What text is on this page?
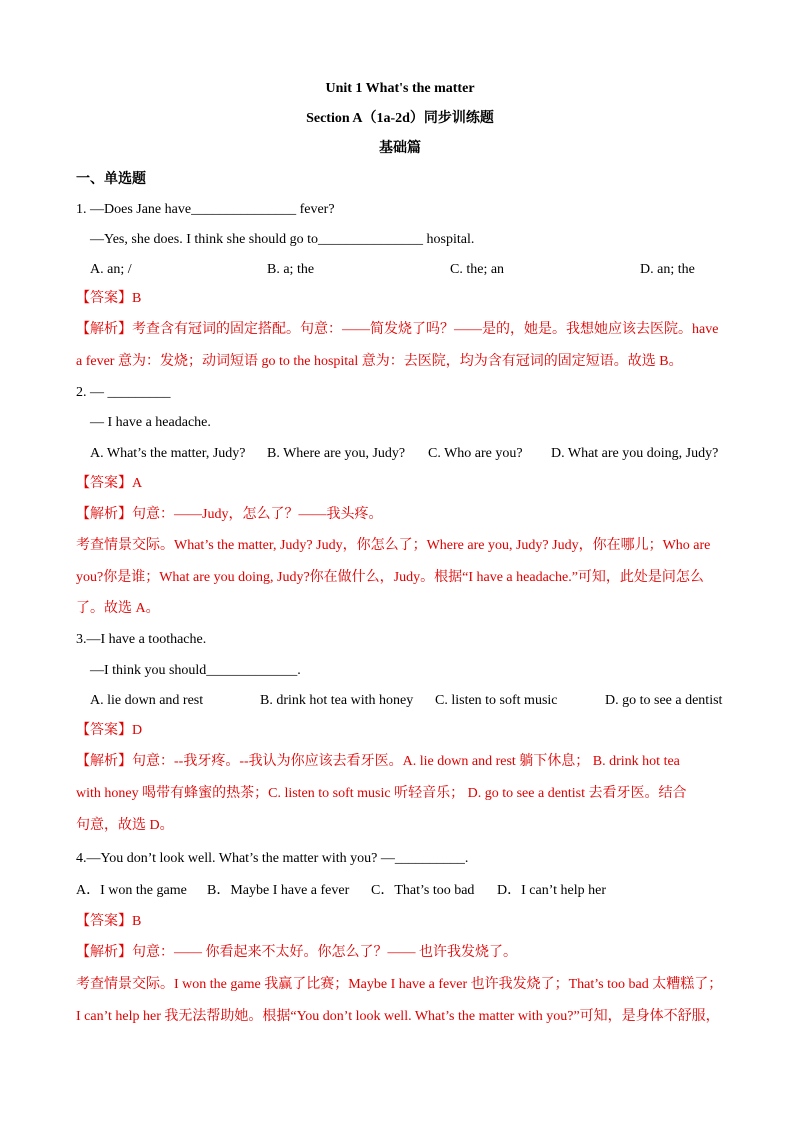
Unit 1 What's the matter
Section A（1a-2d）同步训练题
基础篇
一、单选题
1. —Does Jane have_______________ fever?
—Yes, she does. I think she should go to_______________ hospital.
A. an; /	B. a; the	C. the; an	D. an; the
【答案】B
【解析】考查含有冠词的固定搭配。句意：——简发烧了吗？——是的，她是。我想她应该去医院。have
a fever 意为：发烧；动词短语 go to the hospital 意为：去医院，均为含有冠词的固定短语。故选 B。
2. — _________
— I have a headache.
A. What’s the matter, Judy? B. Where are you, Judy? C. Who are you? D. What are you doing, Judy?
【答案】A
【解析】句意：——Judy，怎么了？——我头疼。
考查情景交际。What’s the matter, Judy? Judy，你怎么了；Where are you, Judy? Judy，你在哪儿；Who are
you?你是谁；What are you doing, Judy?你在做什么，Judy。根据“I have a headache.”可知，此处是问怎么
了。故选 A。
3.—I have a toothache.
—I think you should_____________.
A. lie down and rest	B. drink hot tea with honey C. listen to soft music	D. go to see a dentist
【答案】D
【解析】句意：--我牙疼。--我认为你应该去看牙医。A. lie down and rest 躺下休息； B. drink hot tea
with honey 喝带有蜂蜜的热茶；C. listen to soft music 听轻音乐； D. go to see a dentist 去看牙医。结合
句意，故选 D。
4.—You don’t look well. What’s the matter with you? —__________.
A．I won the game B．Maybe I have a fever C．That’s too bad D．I can’t help her
【答案】B
【解析】句意：—— 你看起来不太好。你怎么了？—— 也许我发烧了。
考查情景交际。I won the game 我赢了比赛；Maybe I have a fever 也许我发烧了；That’s too bad 太糟糕了；
I can’t help her 我无法帮助她。根据“You don’t look well. What’s the matter with you?”可知，是身体不舒服，
